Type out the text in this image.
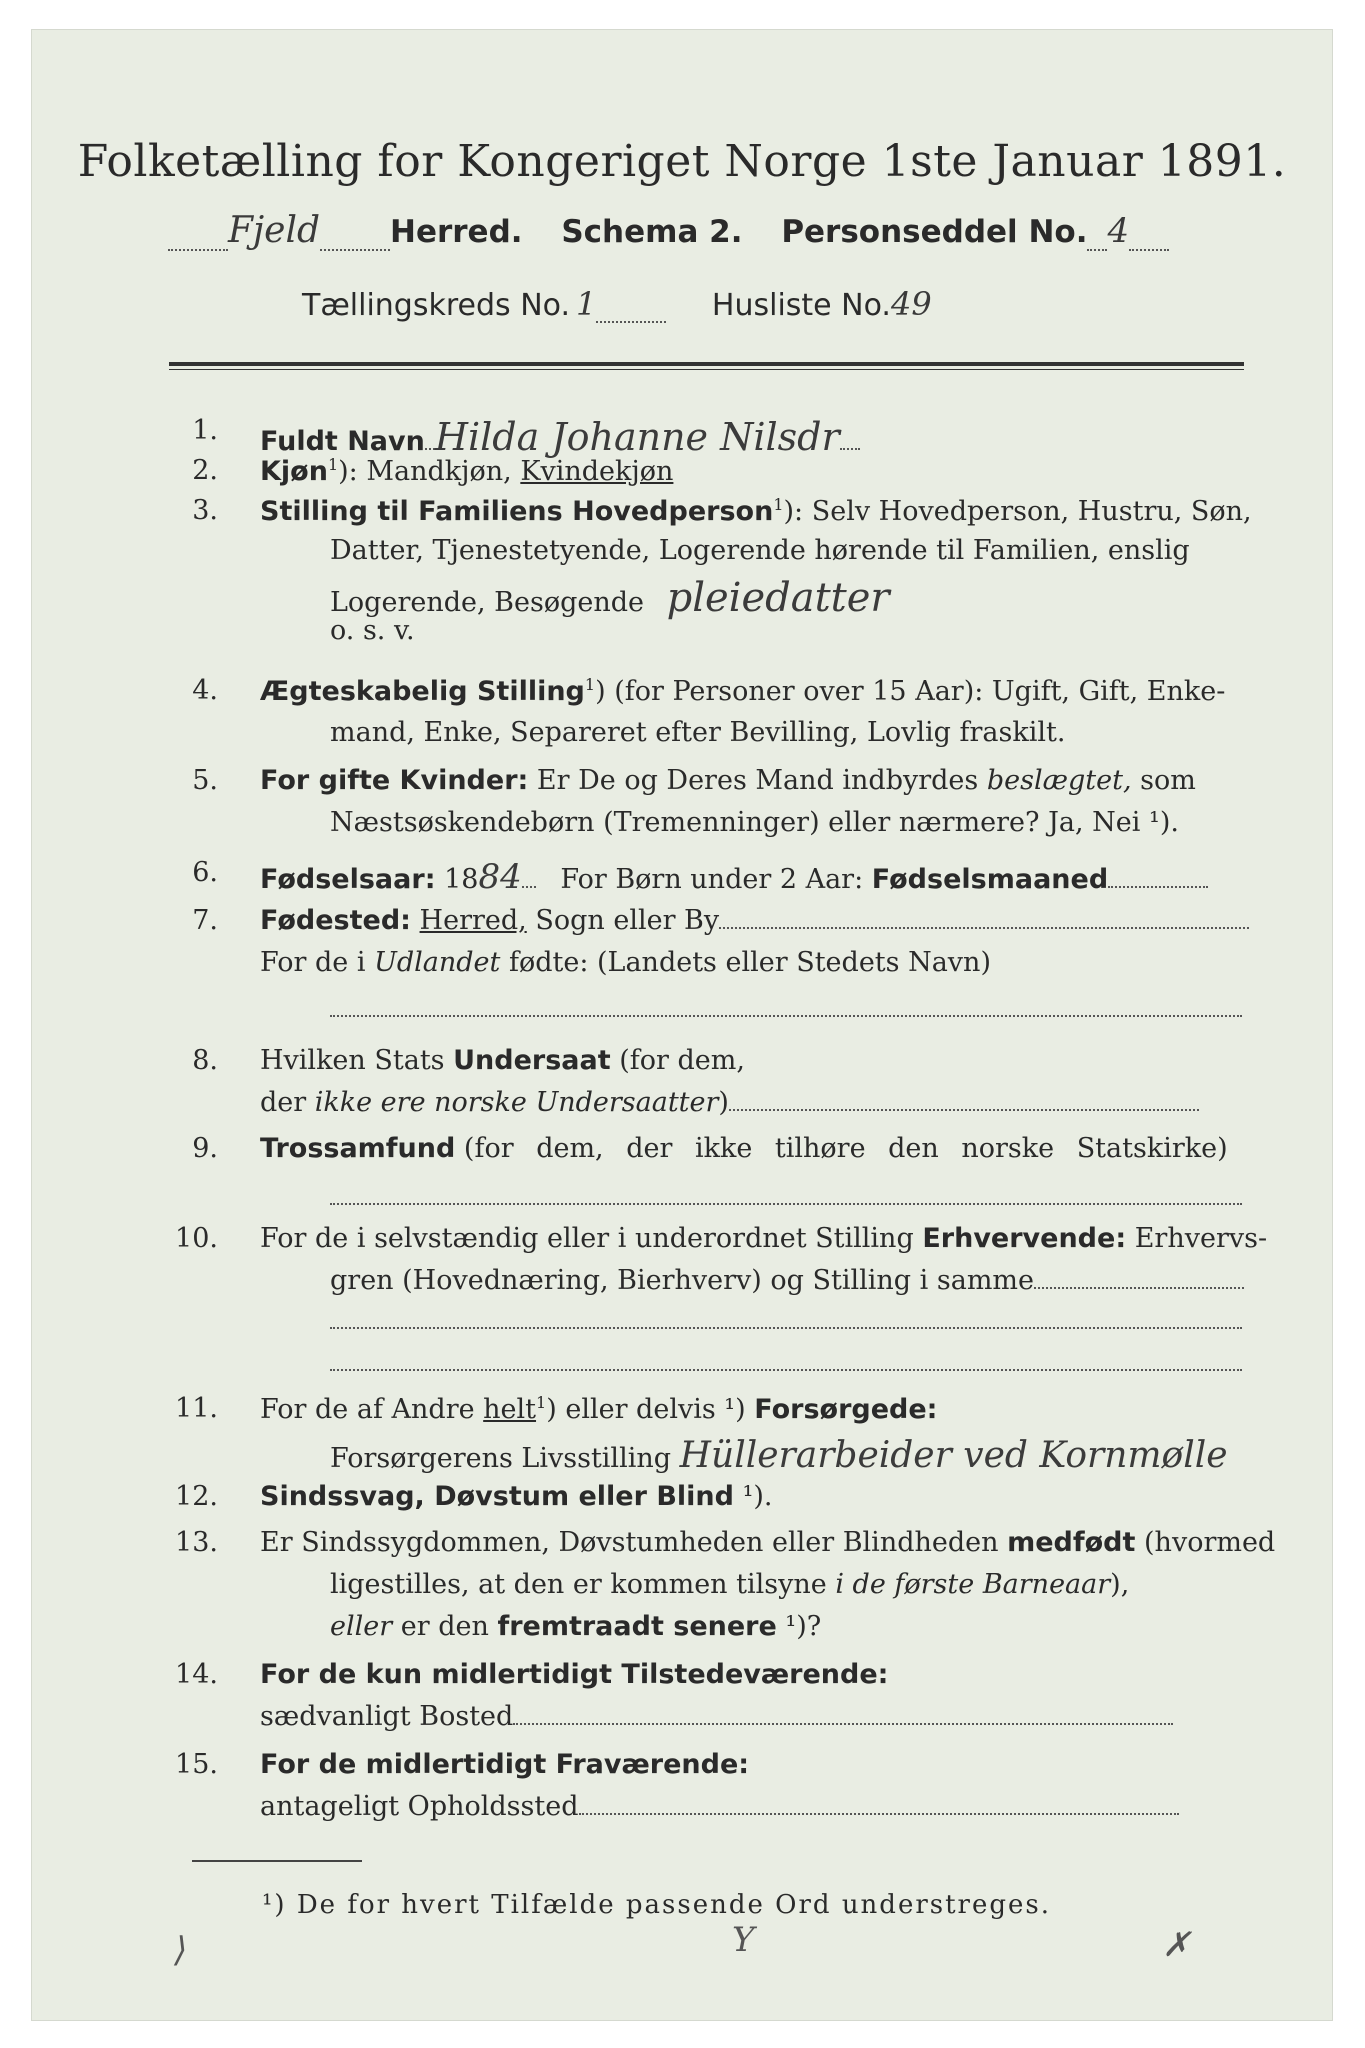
Folketælling for Kongeriget Norge 1ste Januar 1891.
Fjeld Herred. Schema 2. Personseddel No. 4
Tællingskreds No. 1	Husliste No.49
1. Fuldt Navn Hilda Johanne Nilsdr
2. Kjøn$^1$): Mandkjøn, Kvindekjøn
3. Stilling til Familiens Hovedperson$^1$): Selv Hovedperson, Hustru, Søn,
Datter, Tjenestetyende, Logerende hørende til Familien, enslig
Logerende, Besøgende pleiedatter
o. s. v.
4. Ægteskabelig Stilling$^1$) (for Personer over 15 Aar): Ugift, Gift, Enke-
mand, Enke, Separeret efter Bevilling, Lovlig fraskilt.
5. For gifte Kvinder: Er De og Deres Mand indbyrdes beslægtet, som
Næstsøskendebørn (Tremenninger) eller nærmere? Ja, Nei ¹).
6. Fødselsaar: 1884 For Børn under 2 Aar: Fødselsmaaned
7. Fødested: Herred, Sogn eller By
For de i Udlandet fødte: (Landets eller Stedets Navn)
8. Hvilken Stats Undersaat (for dem,
der ikke ere norske Undersaatter)
9. Trossamfund (for dem, der ikke tilhøre den norske Statskirke)
10. For de i selvstændig eller i underordnet Stilling Erhvervende: Erhvervs-
gren (Hovednæring, Bierhverv) og Stilling i samme
11. For de af Andre helt$^1$) eller delvis ¹) Forsørgede:
Forsørgerens Livsstilling Hüllerarbeider ved Kornmølle
12. Sindssvag, Døvstum eller Blind ¹).
13. Er Sindssygdommen, Døvstumheden eller Blindheden medfødt (hvormed
ligestilles, at den er kommen tilsyne i de første Barneaar),
eller er den fremtraadt senere ¹)?
14. For de kun midlertidigt Tilstedeværende:
sædvanligt Bosted
15. For de midlertidigt Fraværende:
antageligt Opholdssted
¹) De for hvert Tilfælde passende Ord understreges.
⟩	Y	✗
